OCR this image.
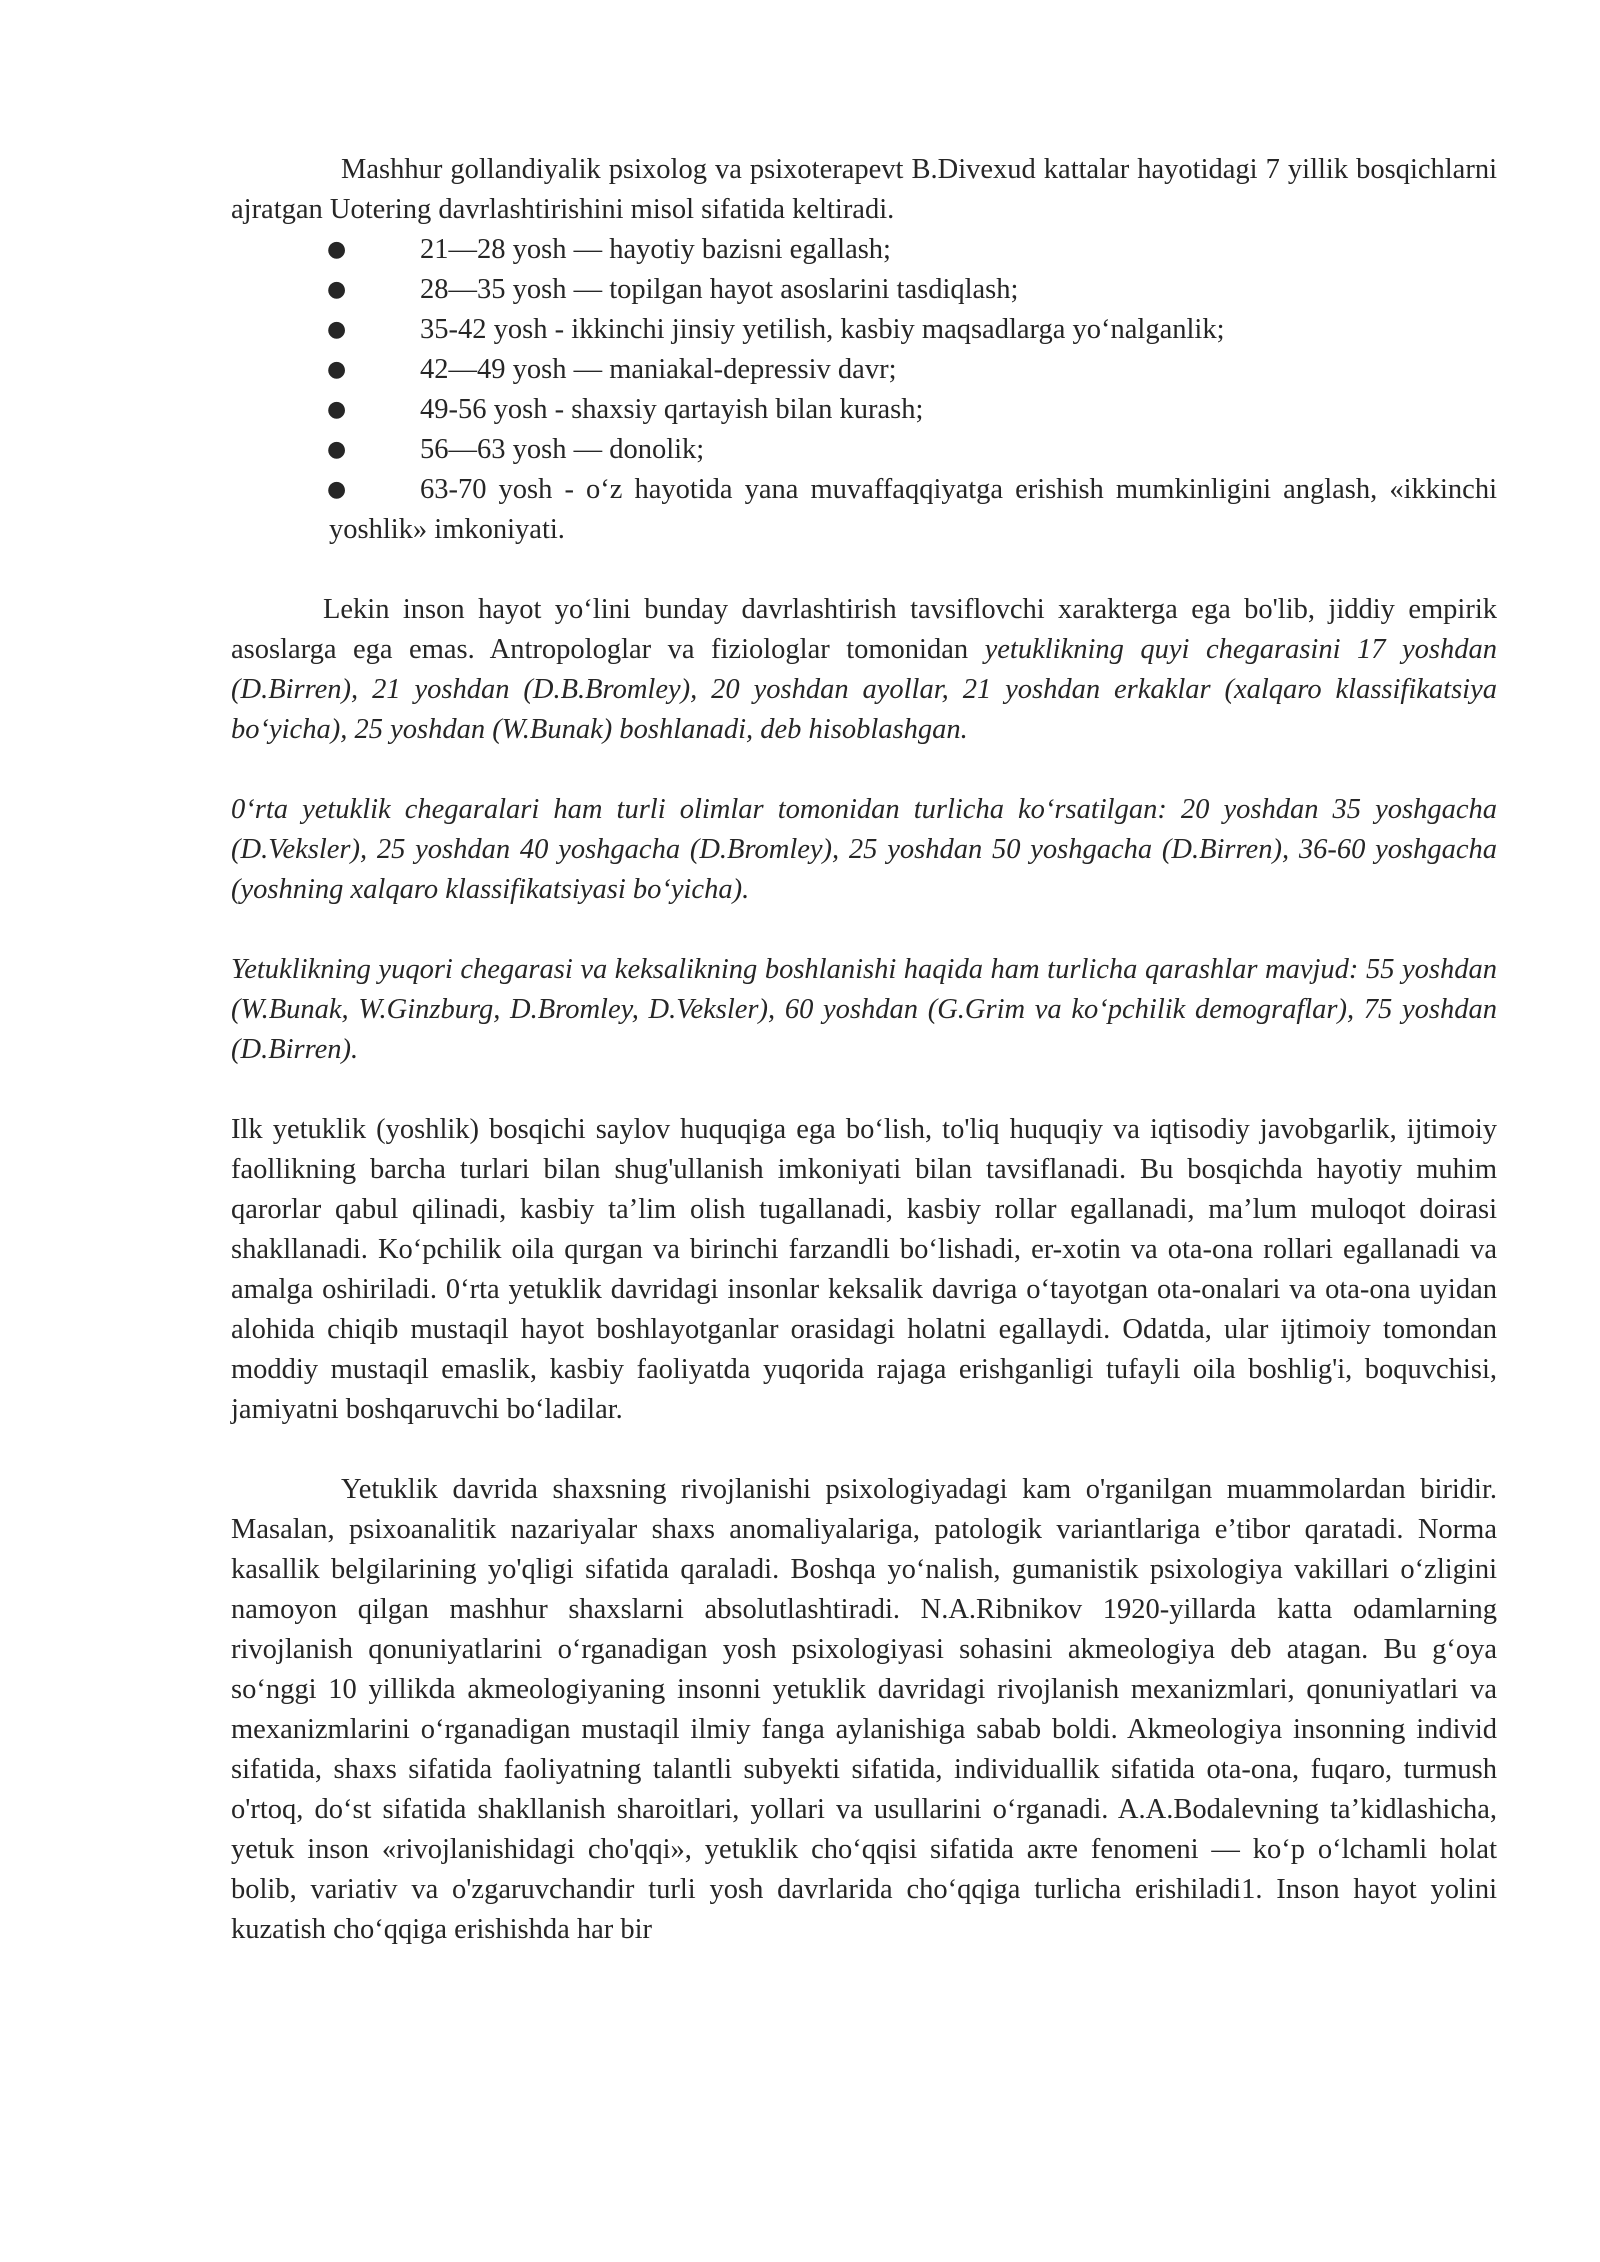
Mashhur gollandiyalik psixolog va psixoterapevt B.Divexud kattalar hayotidagi 7 yillik bosqichlarni ajratgan Uotering davrlashtirishini misol sifatida keltiradi.

●	21—28 yosh — hayotiy bazisni egallash;
●	28—35 yosh — topilgan hayot asoslarini tasdiqlash;
●	35-42 yosh - ikkinchi jinsiy yetilish, kasbiy maqsadlarga yo‘nalganlik;
●	42—49 yosh — maniakal-depressiv davr;
●	49-56 yosh - shaxsiy qartayish bilan kurash;
●	56—63 yosh — donolik;
●	63-70 yosh - o‘z hayotida yana muvaffaqqiyatga erishish mumkinligini anglash, «ikkinchi yoshlik» imkoniyati.

Lekin inson hayot yo‘lini bunday davrlashtirish tavsiflovchi xarakterga ega bo'lib, jiddiy empirik asoslarga ega emas. Antropologlar va fiziologlar tomonidan yetuklikning quyi chegarasini 17 yoshdan (D.Birren), 21 yoshdan (D.B.Bromley), 20 yoshdan ayollar, 21 yoshdan erkaklar (xalqaro klassifikatsiya bo‘yicha), 25 yoshdan (W.Bunak) boshlanadi, deb hisoblashgan.

0‘rta yetuklik chegaralari ham turli olimlar tomonidan turlicha ko‘rsatilgan: 20 yoshdan 35 yoshgacha (D.Veksler), 25 yoshdan 40 yoshgacha (D.Bromley), 25 yoshdan 50 yoshgacha (D.Birren), 36-60 yoshgacha (yoshning xalqaro klassifikatsiyasi bo‘yicha).

Yetuklikning yuqori chegarasi va keksalikning boshlanishi haqida ham turlicha qarashlar mavjud: 55 yoshdan (W.Bunak, W.Ginzburg, D.Bromley, D.Veksler), 60 yoshdan (G.Grim va ko‘pchilik demograflar), 75 yoshdan (D.Birren).

Ilk yetuklik (yoshlik) bosqichi saylov huquqiga ega bo‘lish, to'liq huquqiy va iqtisodiy javobgarlik, ijtimoiy faollikning barcha turlari bilan shug'ullanish imkoniyati bilan tavsiflanadi. Bu bosqichda hayotiy muhim qarorlar qabul qilinadi, kasbiy ta’lim olish tugallanadi, kasbiy rollar egallanadi, ma’lum muloqot doirasi shakllanadi. Ko‘pchilik oila qurgan va birinchi farzandli bo‘lishadi, er-xotin va ota-ona rollari egallanadi va amalga oshiriladi. 0‘rta yetuklik davridagi insonlar keksalik davriga o‘tayotgan ota-onalari va ota-ona uyidan alohida chiqib mustaqil hayot boshlayotganlar orasidagi holatni egallaydi. Odatda, ular ijtimoiy tomondan moddiy mustaqil emaslik, kasbiy faoliyatda yuqorida rajaga erishganligi tufayli oila boshlig'i, boquvchisi, jamiyatni boshqaruvchi bo‘ladilar.

Yetuklik davrida shaxsning rivojlanishi psixologiyadagi kam o'rganilgan muammolardan biridir. Masalan, psixoanalitik nazariyalar shaxs anomaliyalariga, patologik variantlariga e’tibor qaratadi. Norma kasallik belgilarining yo'qligi sifatida qaraladi. Boshqa yo‘nalish, gumanistik psixologiya vakillari o‘zligini namoyon qilgan mashhur shaxslarni absolutlashtiradi. N.A.Ribnikov 1920-yillarda katta odamlarning rivojlanish qonuniyatlarini o‘rganadigan yosh psixologiyasi sohasini akmeologiya deb atagan. Bu g‘oya so‘nggi 10 yillikda akmeologiyaning insonni yetuklik davridagi rivojlanish mexanizmlari, qonuniyatlari va mexanizmlarini o‘rganadigan mustaqil ilmiy fanga aylanishiga sabab boldi. Akmeologiya insonning individ sifatida, shaxs sifatida faoliyatning talantli subyekti sifatida, individuallik sifatida ota-ona, fuqaro, turmush o'rtoq, do‘st sifatida shakllanish sharoitlari, yollari va usullarini o‘rganadi. A.A.Bodalevning ta’kidlashicha, yetuk inson «rivojlanishidagi cho'qqi», yetuklik cho‘qqisi sifatida акте fenomeni — ko‘p o‘lchamli holat bolib, variativ va o'zgaruvchandir turli yosh davrlarida cho‘qqiga turlicha erishiladi1. Inson hayot yolini kuzatish cho‘qqiga erishishda har bir
